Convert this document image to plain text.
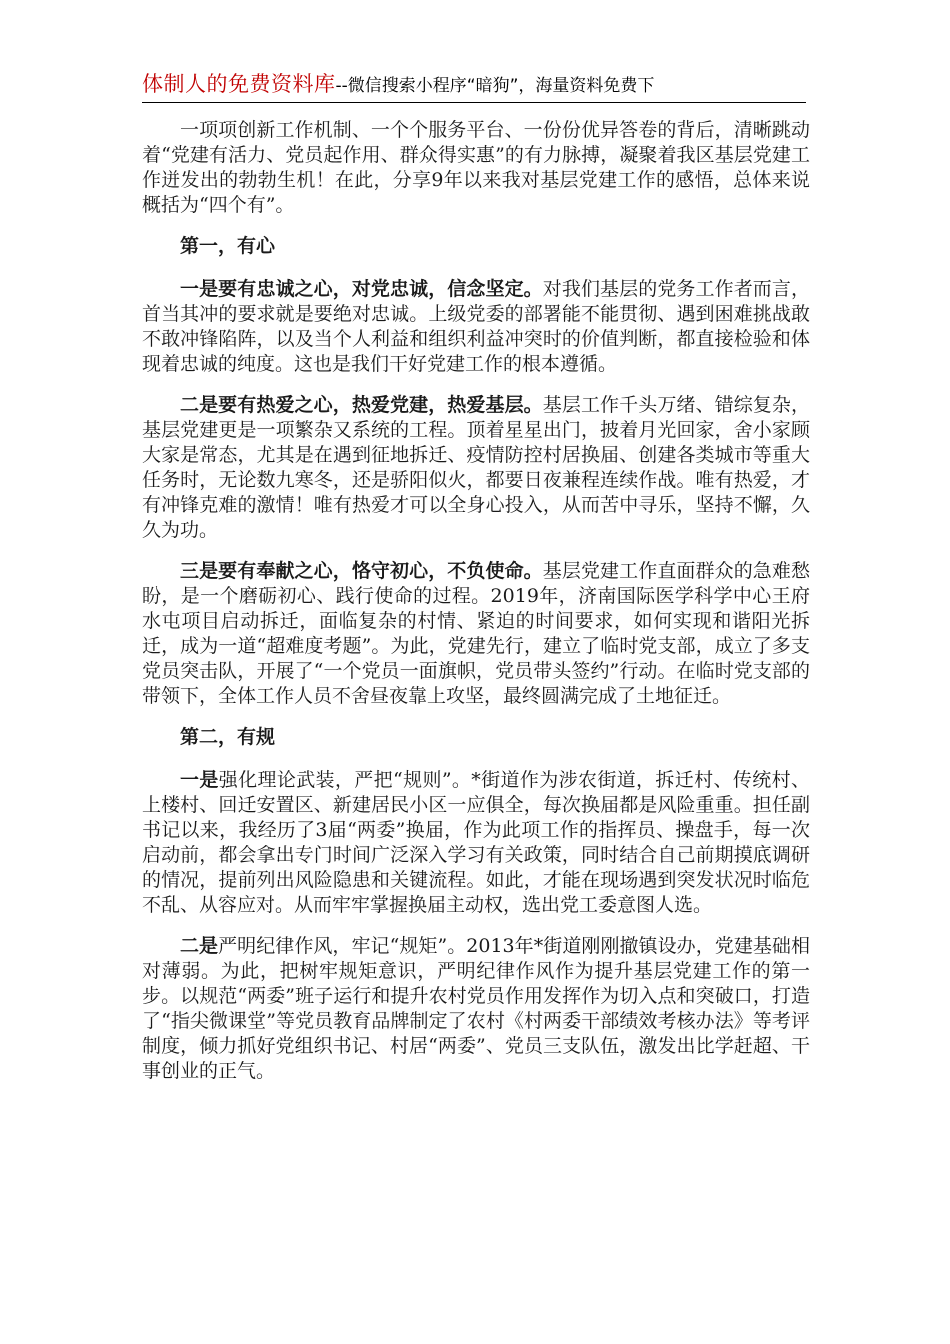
体制人的免费资料库--微信搜索小程序“暗狗”，海量资料免费下

一项项创新工作机制、一个个服务平台、一份份优异答卷的背后，清晰跳动着“党建有活力、党员起作用、群众得实惠”的有力脉搏，凝聚着我区基层党建工作迸发出的勃勃生机！在此，分享9年以来我对基层党建工作的感悟，总体来说概括为“四个有”。

第一，有心

一是要有忠诚之心，对党忠诚，信念坚定。对我们基层的党务工作者而言，首当其冲的要求就是要绝对忠诚。上级党委的部署能不能贯彻、遇到困难挑战敢不敢冲锋陷阵，以及当个人利益和组织利益冲突时的价值判断，都直接检验和体现着忠诚的纯度。这也是我们干好党建工作的根本遵循。

二是要有热爱之心，热爱党建，热爱基层。基层工作千头万绪、错综复杂，基层党建更是一项繁杂又系统的工程。顶着星星出门，披着月光回家，舍小家顾大家是常态，尤其是在遇到征地拆迁、疫情防控村居换届、创建各类城市等重大任务时，无论数九寒冬，还是骄阳似火，都要日夜兼程连续作战。唯有热爱，才有冲锋克难的激情！唯有热爱才可以全身心投入，从而苦中寻乐，坚持不懈，久久为功。

三是要有奉献之心，恪守初心，不负使命。基层党建工作直面群众的急难愁盼，是一个磨砺初心、践行使命的过程。2019年，济南国际医学科学中心王府水屯项目启动拆迁，面临复杂的村情、紧迫的时间要求，如何实现和谐阳光拆迁，成为一道“超难度考题”。为此，党建先行，建立了临时党支部，成立了多支党员突击队，开展了“一个党员一面旗帜，党员带头签约”行动。在临时党支部的带领下，全体工作人员不舍昼夜靠上攻坚，最终圆满完成了土地征迁。

第二，有规

一是强化理论武装，严把“规则”。*街道作为涉农街道，拆迁村、传统村、上楼村、回迁安置区、新建居民小区一应俱全，每次换届都是风险重重。担任副书记以来，我经历了3届“两委”换届，作为此项工作的指挥员、操盘手，每一次启动前，都会拿出专门时间广泛深入学习有关政策，同时结合自己前期摸底调研的情况，提前列出风险隐患和关键流程。如此，才能在现场遇到突发状况时临危不乱、从容应对。从而牢牢掌握换届主动权，选出党工委意图人选。

二是严明纪律作风，牢记“规矩”。2013年*街道刚刚撤镇设办，党建基础相对薄弱。为此，把树牢规矩意识，严明纪律作风作为提升基层党建工作的第一步。以规范“两委”班子运行和提升农村党员作用发挥作为切入点和突破口，打造了“指尖微课堂”等党员教育品牌制定了农村《村两委干部绩效考核办法》等考评制度，倾力抓好党组织书记、村居“两委”、党员三支队伍，激发出比学赶超、干事创业的正气。
